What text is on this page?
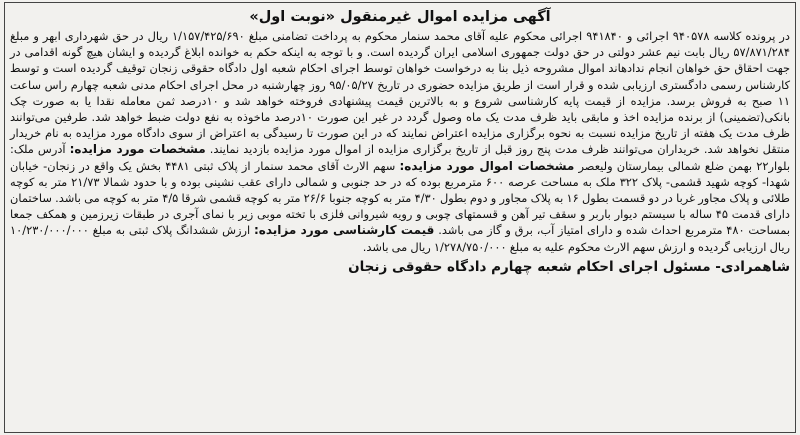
آگهی مزایده اموال غیرمنقول «نوبت اول»

در پرونده کلاسه ۹۴۰۵۷۸ اجرائی و ۹۴۱۸۴۰ اجرائی محکوم علیه آقای محمد سنمار محکوم به پرداخت تضامنی مبلغ ۱/۱۵۷/۴۲۵/۶۹۰ ریال در حق شهرداری ابهر و مبلغ ۵۷/۸۷۱/۲۸۴ ریال بابت نیم عشر دولتی در حق دولت جمهوری اسلامی ایران گردیده است. و با توجه به اینکه حکم به خوانده ابلاغ گردیده و ایشان هیچ گونه اقدامی در جهت احقاق حق خواهان انجام ندادهاند اموال مشروحه ذیل بنا به درخواست خواهان توسط اجرای احکام شعبه اول دادگاه حقوقی زنجان توقیف گردیده است و توسط کارشناس رسمی دادگستری ارزیابی شده و قرار است از طریق مزایده حضوری در تاریخ ۹۵/۰۵/۲۷ روز چهارشنبه در محل اجرای احکام مدنی شعبه چهارم راس ساعت ۱۱ صبح به فروش برسد. مزایده از قیمت پایه کارشناسی شروع و به بالاترین قیمت پیشنهادی فروخته خواهد شد و ۱۰درصد ثمن معامله نقدا یا به صورت چک بانکی(تضمینی) از برنده مزایده اخذ و مابقی باید ظرف مدت یک ماه وصول گردد در غیر این صورت ۱۰درصد ماخوذه به نفع دولت ضبط خواهد شد. طرفین می‌توانند ظرف مدت یک هفته از تاریخ مزایده نسبت به نحوه برگزاری مزایده اعتراض نمایند که در این صورت تا رسیدگی به اعتراض از سوی دادگاه مورد مزایده به نام خریدار منتقل نخواهد شد. خریداران می‌توانند ظرف مدت پنج روز قبل از تاریخ برگزاری مزایده از اموال مورد مزایده بازدید نمایند. مشخصات مورد مزایده: آدرس ملک: بلوار۲۲ بهمن ضلع شمالی بیمارستان ولیعصر مشخصات اموال مورد مزایده: سهم الارث آقای محمد سنمار از پلاک ثبتی ۴۴۸۱ بخش یک واقع در زنجان- خیابان شهدا- کوچه شهید قشمی- پلاک ۳۲۲ ملک به مساحت عرصه ۶۰۰ مترمربع بوده که در حد جنوبی و شمالی دارای عقب نشینی بوده و با حدود شمالا ۲۱/۷۳ متر به کوچه طلائی و پلاک مجاور غربا در دو قسمت بطول ۱۶ به پلاک مجاور و دوم بطول ۴/۳۰ متر به کوچه جنوبا ۲۶/۶ متر به کوچه قشمی شرقا ۴/۵ متر به کوچه می باشد. ساختمان دارای قدمت ۴۵ ساله با سیستم دیوار باربر و سقف تیر آهن و قسمتهای چوبی و رویه شیروانی فلزی با تخته موبی زیر با نمای آجری در طبقات زیرزمین و همکف جمعا بمساحت ۴۸۰ مترمربع احداث شده و دارای امتیاز آب، برق و گاز می باشد. قیمت کارشناسی مورد مزایده: ارزش ششدانگ پلاک ثبتی به مبلغ ۱۰/۲۳۰/۰۰۰/۰۰۰ ریال ارزیابی گردیده و ارزش سهم الارث محکوم علیه به مبلغ ۱/۲۷۸/۷۵۰/۰۰۰ ریال می باشد.

شاهمرادی- مسئول اجرای احکام شعبه چهارم دادگاه حقوقی زنجان
